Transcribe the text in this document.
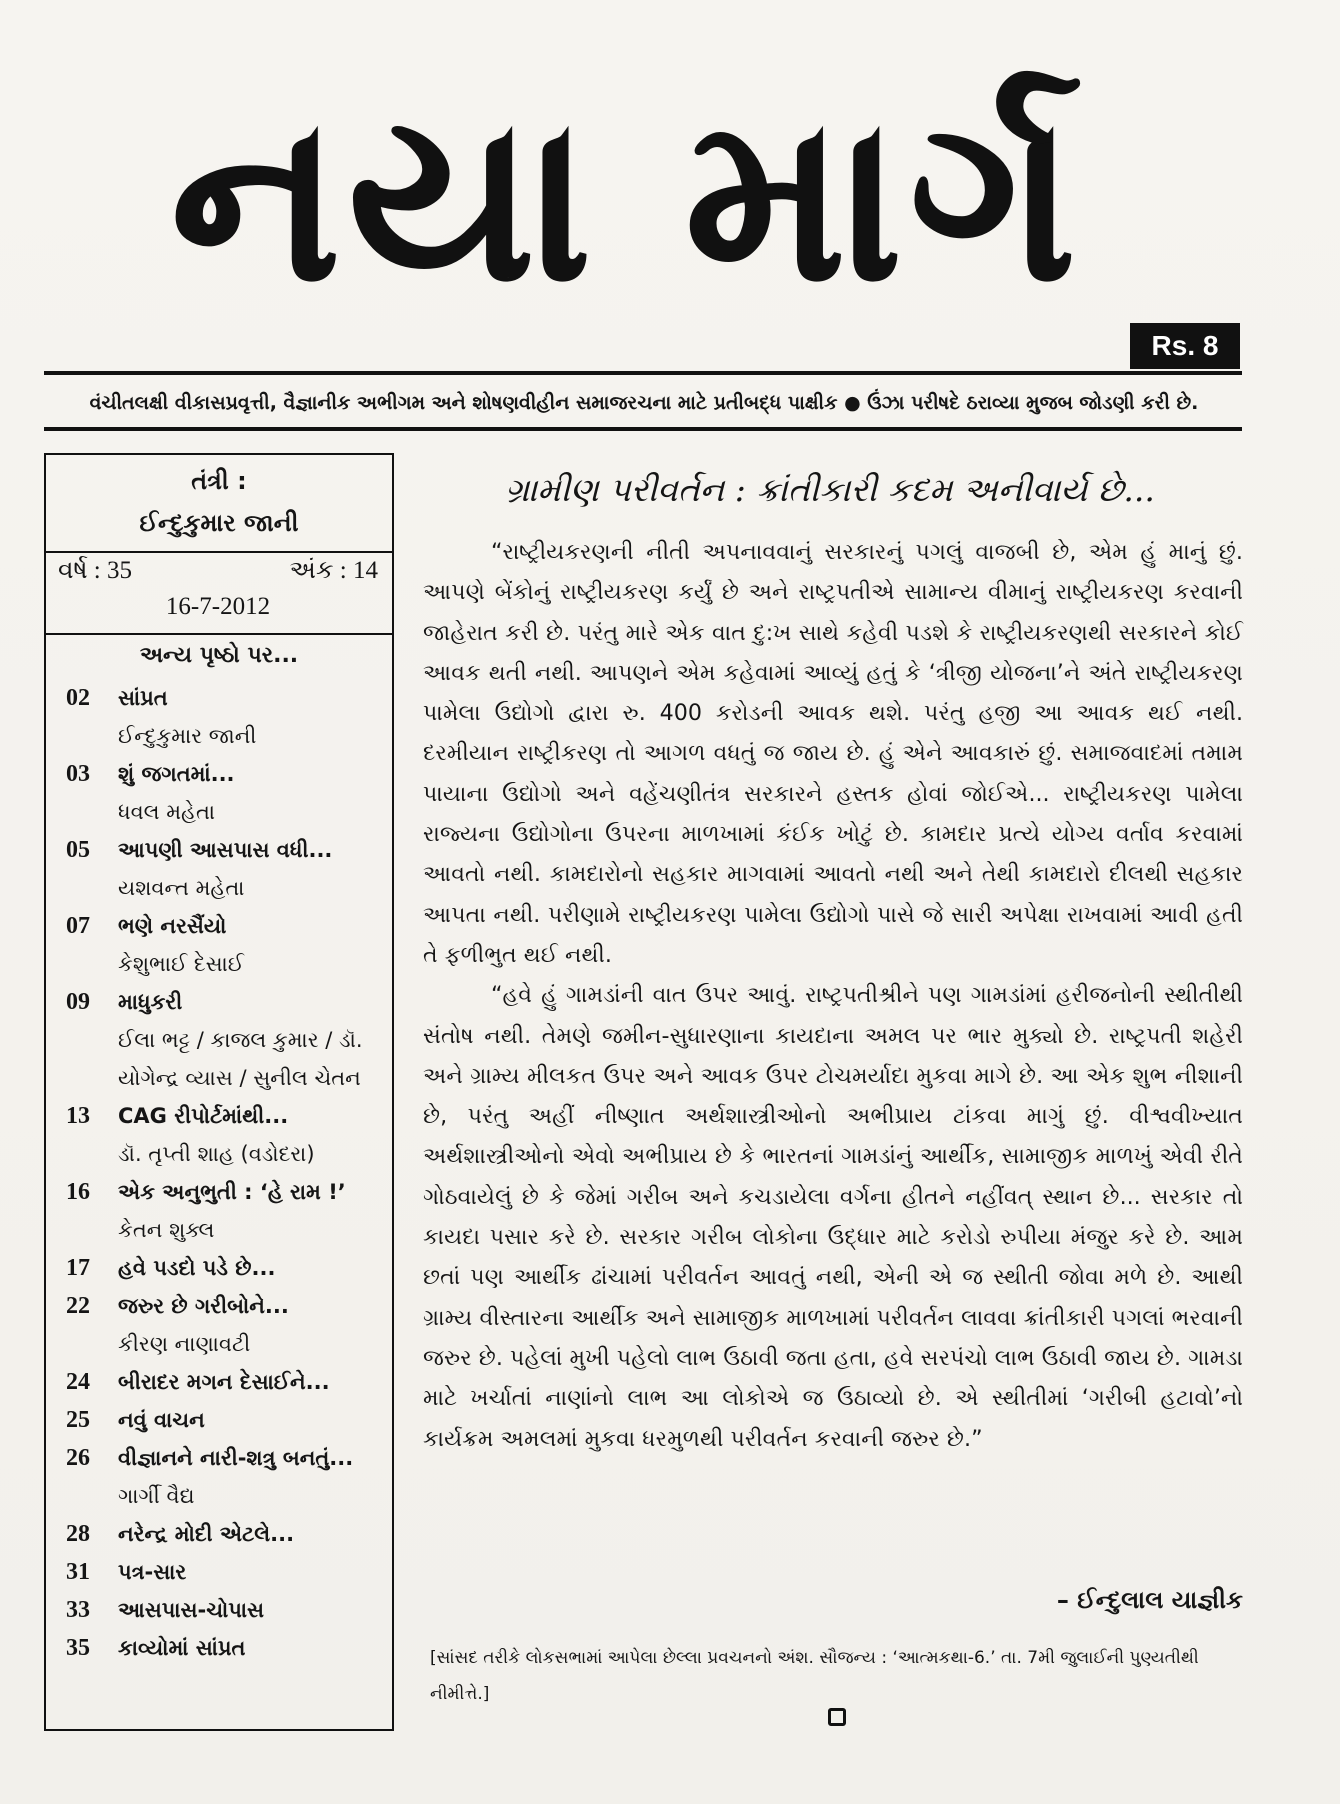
નયા માર્ગ
Rs. 8
વંચીતલક્ષી વીકાસપ્રવૃત્તી, વૈજ્ઞાનીક અભીગમ અને શોષણવીહીન સમાજરચના માટે પ્રતીબદ્ધ પાક્ષીક ● ઉંઝા પરીષદે ઠરાવ્યા મુજબ જોડણી કરી છે.
તંત્રી :
ઈન્દુકુમાર જાની
વર્ષ : 35	અંક : 14
16-7-2012
અન્ય પૃષ્ઠો પર...
02	સાંપ્રત
ઈન્દુકુમાર જાની
03	શું જગતમાં...
ધવલ મહેતા
05	આપણી આસપાસ વધી...
યશવન્ત મહેતા
07	ભણે નરસૈંયો
કેશુભાઈ દેસાઈ
09	માધુકરી
ઈલા ભટ્ટ / કાજલ કુમાર / ડૉ. યોગેન્દ્ર વ્યાસ / સુનીલ ચેતન
13	CAG રીપોર્ટમાંથી...
ડૉ. તૃપ્તી શાહ (વડોદરા)
16	એક અનુભુતી : ‘હે રામ !’
કેતન શુક્લ
17	હવે પડદો પડે છે...
22	જરુર છે ગરીબોને...
કીરણ નાણાવટી
24	બીરાદર મગન દેસાઈને...
25	નવું વાચન
26	વીજ્ઞાનને નારી-શત્રુ બનતું...
ગાર્ગી વૈદ્ય
28	નરેન્દ્ર મોદી એટલે...
31	પત્ર-સાર
33	આસપાસ-ચોપાસ
35	કાવ્યોમાં સાંપ્રત
ગ્રામીણ પરીવર્તન : ક્રાંતીકારી કદમ અનીવાર્ય છે...

“રાષ્ટ્રીયકરણની નીતી અપનાવવાનું સરકારનું પગલું વાજબી છે, એમ હું માનું છું. આપણે બેંકોનું રાષ્ટ્રીયકરણ કર્યું છે અને રાષ્ટ્રપતીએ સામાન્ય વીમાનું રાષ્ટ્રીયકરણ કરવાની જાહેરાત કરી છે. પરંતુ મારે એક વાત દુ:ખ સાથે કહેવી પડશે કે રાષ્ટ્રીયકરણથી સરકારને કોઈ આવક થતી નથી. આપણને એમ કહેવામાં આવ્યું હતું કે ‘ત્રીજી યોજના’ને અંતે રાષ્ટ્રીયકરણ પામેલા ઉદ્યોગો દ્વારા રુ. 400 કરોડની આવક થશે. પરંતુ હજી આ આવક થઈ નથી. દરમીયાન રાષ્ટ્રીકરણ તો આગળ વધતું જ જાય છે. હું એને આવકારું છું. સમાજવાદમાં તમામ પાયાના ઉદ્યોગો અને વહેંચણીતંત્ર સરકારને હસ્તક હોવાં જોઈએ... રાષ્ટ્રીયકરણ પામેલા રાજ્યના ઉદ્યોગોના ઉપરના માળખામાં કંઈક ખોટું છે. કામદાર પ્રત્યે યોગ્ય વર્તાવ કરવામાં આવતો નથી. કામદારોનો સહકાર માગવામાં આવતો નથી અને તેથી કામદારો દીલથી સહકાર આપતા નથી. પરીણામે રાષ્ટ્રીયકરણ પામેલા ઉદ્યોગો પાસે જે સારી અપેક્ષા રાખવામાં આવી હતી તે ફળીભુત થઈ નથી.

“હવે હું ગામડાંની વાત ઉપર આવું. રાષ્ટ્રપતીશ્રીને પણ ગામડાંમાં હરીજનોની સ્થીતીથી સંતોષ નથી. તેમણે જમીન-સુધારણાના કાયદાના અમલ પર ભાર મુક્યો છે. રાષ્ટ્રપતી શહેરી અને ગ્રામ્ય મીલકત ઉપર અને આવક ઉપર ટોચમર્યાદા મુકવા માગે છે. આ એક શુભ નીશાની છે, પરંતુ અહીં નીષ્ણાત અર્થશાસ્ત્રીઓનો અભીપ્રાય ટાંકવા માગું છું. વીશ્વવીખ્યાત અર્થશાસ્ત્રીઓનો એવો અભીપ્રાય છે કે ભારતનાં ગામડાંનું આર્થીક, સામાજીક માળખું એવી રીતે ગોઠવાયેલું છે કે જેમાં ગરીબ અને કચડાયેલા વર્ગના હીતને નહીંવત્ સ્થાન છે... સરકાર તો કાયદા પસાર કરે છે. સરકાર ગરીબ લોકોના ઉદ્ધાર માટે કરોડો રુપીયા મંજુર કરે છે. આમ છતાં પણ આર્થીક ઢાંચામાં પરીવર્તન આવતું નથી, એની એ જ સ્થીતી જોવા મળે છે. આથી ગ્રામ્ય વીસ્તારના આર્થીક અને સામાજીક માળખામાં પરીવર્તન લાવવા ક્રાંતીકારી પગલાં ભરવાની જરુર છે. પહેલાં મુખી પહેલો લાભ ઉઠાવી જતા હતા, હવે સરપંચો લાભ ઉઠાવી જાય છે. ગામડા માટે ખર્ચાતાં નાણાંનો લાભ આ લોકોએ જ ઉઠાવ્યો છે. એ સ્થીતીમાં ‘ગરીબી હટાવો’નો કાર્યક્રમ અમલમાં મુકવા ધરમુળથી પરીવર્તન કરવાની જરુર છે.”

– ઈન્દુલાલ યાજ્ઞીક
[સાંસદ તરીકે લોકસભામાં આપેલા છેલ્લા પ્રવચનનો અંશ. સૌજન્ય : ‘આત્મકથા-6.’ તા. 7મી જુલાઈની પુણ્યતીથી નીમીત્તે.]
